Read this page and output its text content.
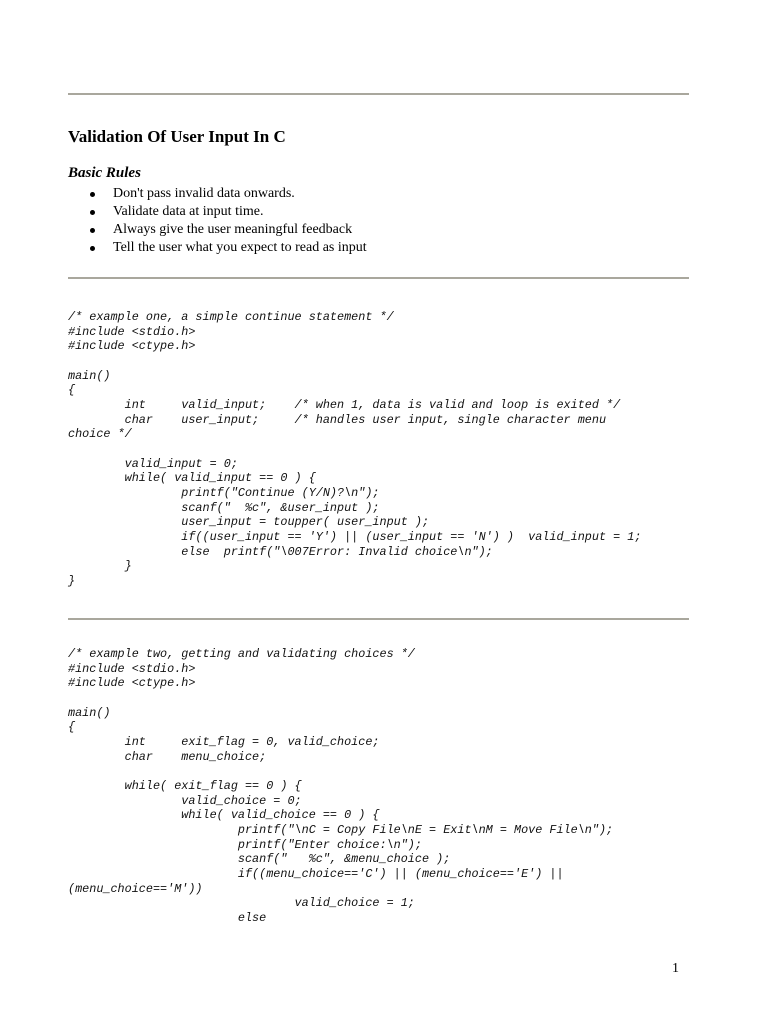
Validation Of User Input In C
Basic Rules
Don't pass invalid data onwards.
Validate data at input time.
Always give the user meaningful feedback
Tell the user what you expect to read as input
/* example one, a simple continue statement */
#include <stdio.h>
#include <ctype.h>

main()
{
int     valid_input;    /* when 1, data is valid and loop is exited */
char    user_input;     /* handles user input, single character menu
choice */

valid_input = 0;
while( valid_input == 0 ) {
printf("Continue (Y/N)?\n");
scanf("  %c", &user_input );
user_input = toupper( user_input );
if((user_input == 'Y') || (user_input == 'N') )  valid_input = 1;
else  printf("\007Error: Invalid choice\n");
}
}
/* example two, getting and validating choices */
#include <stdio.h>
#include <ctype.h>

main()
{
int     exit_flag = 0, valid_choice;
char    menu_choice;

while( exit_flag == 0 ) {
valid_choice = 0;
while( valid_choice == 0 ) {
printf("\nC = Copy File\nE = Exit\nM = Move File\n");
printf("Enter choice:\n");
scanf("   %c", &menu_choice );
if((menu_choice=='C') || (menu_choice=='E') ||
(menu_choice=='M'))
valid_choice = 1;
else
1
